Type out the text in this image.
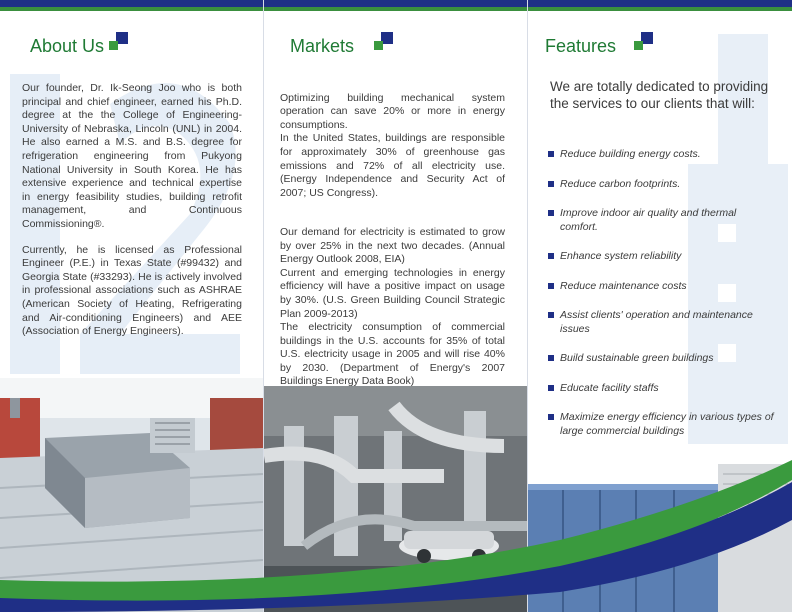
About Us

Our founder, Dr. Ik-Seong Joo who is both principal and chief engineer, earned his Ph.D. degree at the the College of Engineering- University of Nebraska, Lincoln (UNL) in 2004. He also earned a M.S. and B.S. degree for refrigeration engineering from Pukyong National University in South Korea. He has extensive experience and technical expertise in energy feasibility studies, building retrofit management, and Continuous Commissioning®.

Currently, he is licensed as Professional Engineer (P.E.) in Texas State (#99432) and Georgia State (#33293). He is actively involved in professional associations such as ASHRAE (American Society of Heating, Refrigerating and Air-conditioning Engineers) and AEE (Association of Energy Engineers).

Markets

Optimizing building mechanical system operation can save 20% or more in energy consumptions.
In the United States, buildings are responsible for approximately 30% of greenhouse gas emissions and 72% of all electricity use. (Energy Independence and Security Act of 2007; US Congress).

Our demand for electricity is estimated to grow by over 25% in the next two decades. (Annual Energy Outlook 2008, EIA)
Current and emerging technologies in energy efficiency will have a positive impact on usage by 30%. (U.S. Green Building Council Strategic Plan 2009-2013)
The electricity consumption of commercial buildings in the U.S. accounts for 35% of total U.S. electricity usage in 2005 and will rise 40% by 2030. (Department of Energy's 2007 Buildings Energy Data Book)

Features
We are totally dedicated to providing the services to our clients that will:
Reduce building energy costs.
Reduce carbon footprints.
Improve indoor air quality and thermal comfort.
Enhance system reliability
Reduce maintenance costs
Assist clients' operation and maintenance issues
Build sustainable green buildings
Educate facility staffs
Maximize energy efficiency in various types of large commercial buildings
